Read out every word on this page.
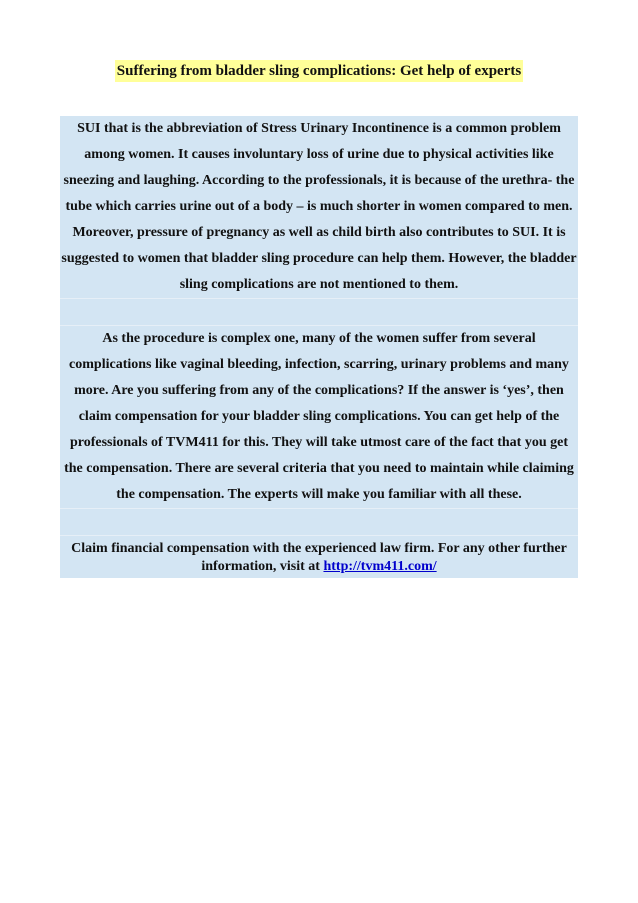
Suffering from bladder sling complications: Get help of experts

SUI that is the abbreviation of Stress Urinary Incontinence is a common problem among women. It causes involuntary loss of urine due to physical activities like sneezing and laughing. According to the professionals, it is because of the urethra- the tube which carries urine out of a body – is much shorter in women compared to men. Moreover, pressure of pregnancy as well as child birth also contributes to SUI. It is suggested to women that bladder sling procedure can help them. However, the bladder sling complications are not mentioned to them.

As the procedure is complex one, many of the women suffer from several complications like vaginal bleeding, infection, scarring, urinary problems and many more. Are you suffering from any of the complications? If the answer is ‘yes’, then claim compensation for your bladder sling complications. You can get help of the professionals of TVM411 for this. They will take utmost care of the fact that you get the compensation. There are several criteria that you need to maintain while claiming the compensation. The experts will make you familiar with all these.

Claim financial compensation with the experienced law firm. For any other further information, visit at http://tvm411.com/
